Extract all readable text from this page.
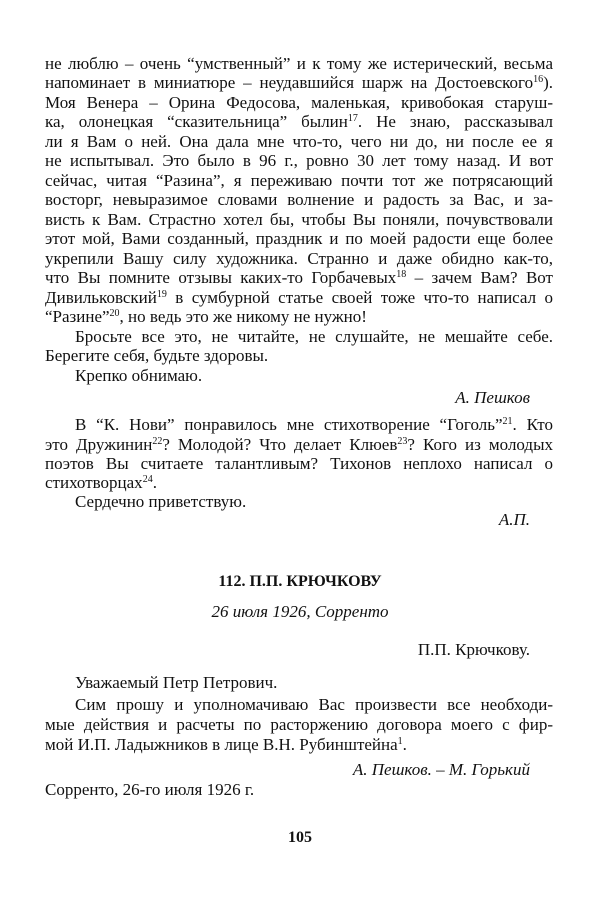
не люблю – очень “умственный” и к тому же истерический, весьма
напоминает в миниатюре – неудавшийся шарж на Достоевского$^{16}$).
Моя Венера – Орина Федосова, маленькая, кривобокая старуш-
ка, олонецкая “сказительница” былин$^{17}$. Не знаю, рассказывал
ли я Вам о ней. Она дала мне что-то, чего ни до, ни после ее я
не испытывал. Это было в 96 г., ровно 30 лет тому назад. И вот
сейчас, читая “Разина”, я переживаю почти тот же потрясающий
восторг, невыразимое словами волнение и радость за Вас, и за-
висть к Вам. Страстно хотел бы, чтобы Вы поняли, почувствовали
этот мой, Вами созданный, праздник и по моей радости еще более
укрепили Вашу силу художника. Странно и даже обидно как-то,
что Вы помните отзывы каких-то Горбачевых$^{18}$ – зачем Вам? Вот
Дивильковский$^{19}$ в сумбурной статье своей тоже что-то написал о
“Разине”$^{20}$, но ведь это же никому не нужно!
Бросьте все это, не читайте, не слушайте, не мешайте себе.
Берегите себя, будьте здоровы.
Крепко обнимаю.
А. Пешков
В “К. Нови” понравилось мне стихотворение “Гоголь”$^{21}$. Кто
это Дружинин$^{22}$? Молодой? Что делает Клюев$^{23}$? Кого из молодых
поэтов Вы считаете талантливым? Тихонов неплохо написал о
стихотворцах$^{24}$.
Сердечно приветствую.
А.П.
112. П.П. КРЮЧКОВУ
26 июля 1926, Сорренто
П.П. Крючкову.
Уважаемый Петр Петрович.
Сим прошу и уполномачиваю Вас произвести все необходи-
мые действия и расчеты по расторжению договора моего с фир-
мой И.П. Ладыжников в лице В.Н. Рубинштейна$^1$.
А. Пешков. – М. Горький
Сорренто, 26-го июля 1926 г.
105
